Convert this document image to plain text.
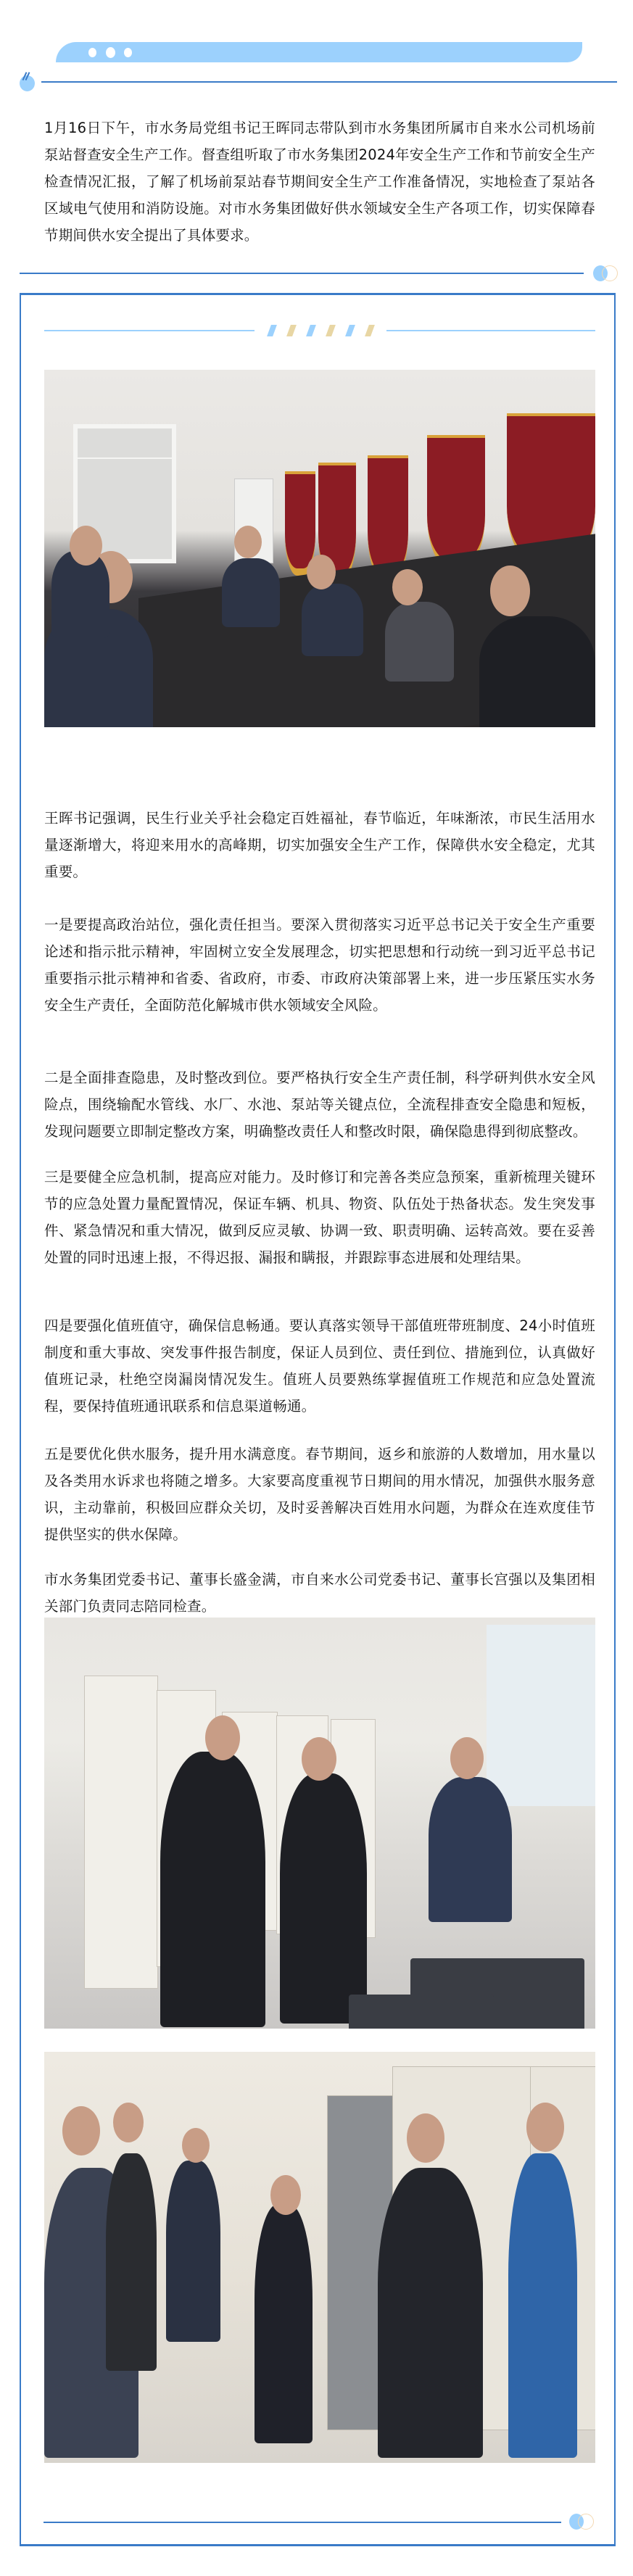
1月16日下午，市水务局党组书记王晖同志带队到市水务集团所属市自来水公司机场前泵站督查安全生产工作。督查组听取了市水务集团2024年安全生产工作和节前安全生产检查情况汇报，了解了机场前泵站春节期间安全生产工作准备情况，实地检查了泵站各区域电气使用和消防设施。对市水务集团做好供水领域安全生产各项工作，切实保障春节期间供水安全提出了具体要求。

王晖书记强调，民生行业关乎社会稳定百姓福祉，春节临近，年味渐浓，市民生活用水量逐渐增大，将迎来用水的高峰期，切实加强安全生产工作，保障供水安全稳定，尤其重要。

一是要提高政治站位，强化责任担当。要深入贯彻落实习近平总书记关于安全生产重要论述和指示批示精神，牢固树立安全发展理念，切实把思想和行动统一到习近平总书记重要指示批示精神和省委、省政府，市委、市政府决策部署上来，进一步压紧压实水务安全生产责任，全面防范化解城市供水领域安全风险。

二是全面排查隐患，及时整改到位。要严格执行安全生产责任制，科学研判供水安全风险点，围绕输配水管线、水厂、水池、泵站等关键点位，全流程排查安全隐患和短板，发现问题要立即制定整改方案，明确整改责任人和整改时限，确保隐患得到彻底整改。

三是要健全应急机制，提高应对能力。及时修订和完善各类应急预案，重新梳理关键环节的应急处置力量配置情况，保证车辆、机具、物资、队伍处于热备状态。发生突发事件、紧急情况和重大情况，做到反应灵敏、协调一致、职责明确、运转高效。要在妥善处置的同时迅速上报，不得迟报、漏报和瞒报，并跟踪事态进展和处理结果。

四是要强化值班值守，确保信息畅通。要认真落实领导干部值班带班制度、24小时值班制度和重大事故、突发事件报告制度，保证人员到位、责任到位、措施到位，认真做好值班记录，杜绝空岗漏岗情况发生。值班人员要熟练掌握值班工作规范和应急处置流程，要保持值班通讯联系和信息渠道畅通。

五是要优化供水服务，提升用水满意度。春节期间，返乡和旅游的人数增加，用水量以及各类用水诉求也将随之增多。大家要高度重视节日期间的用水情况，加强供水服务意识，主动靠前，积极回应群众关切，及时妥善解决百姓用水问题，为群众在连欢度佳节提供坚实的供水保障。

市水务集团党委书记、董事长盛金满，市自来水公司党委书记、董事长宫强以及集团相关部门负责同志陪同检查。
